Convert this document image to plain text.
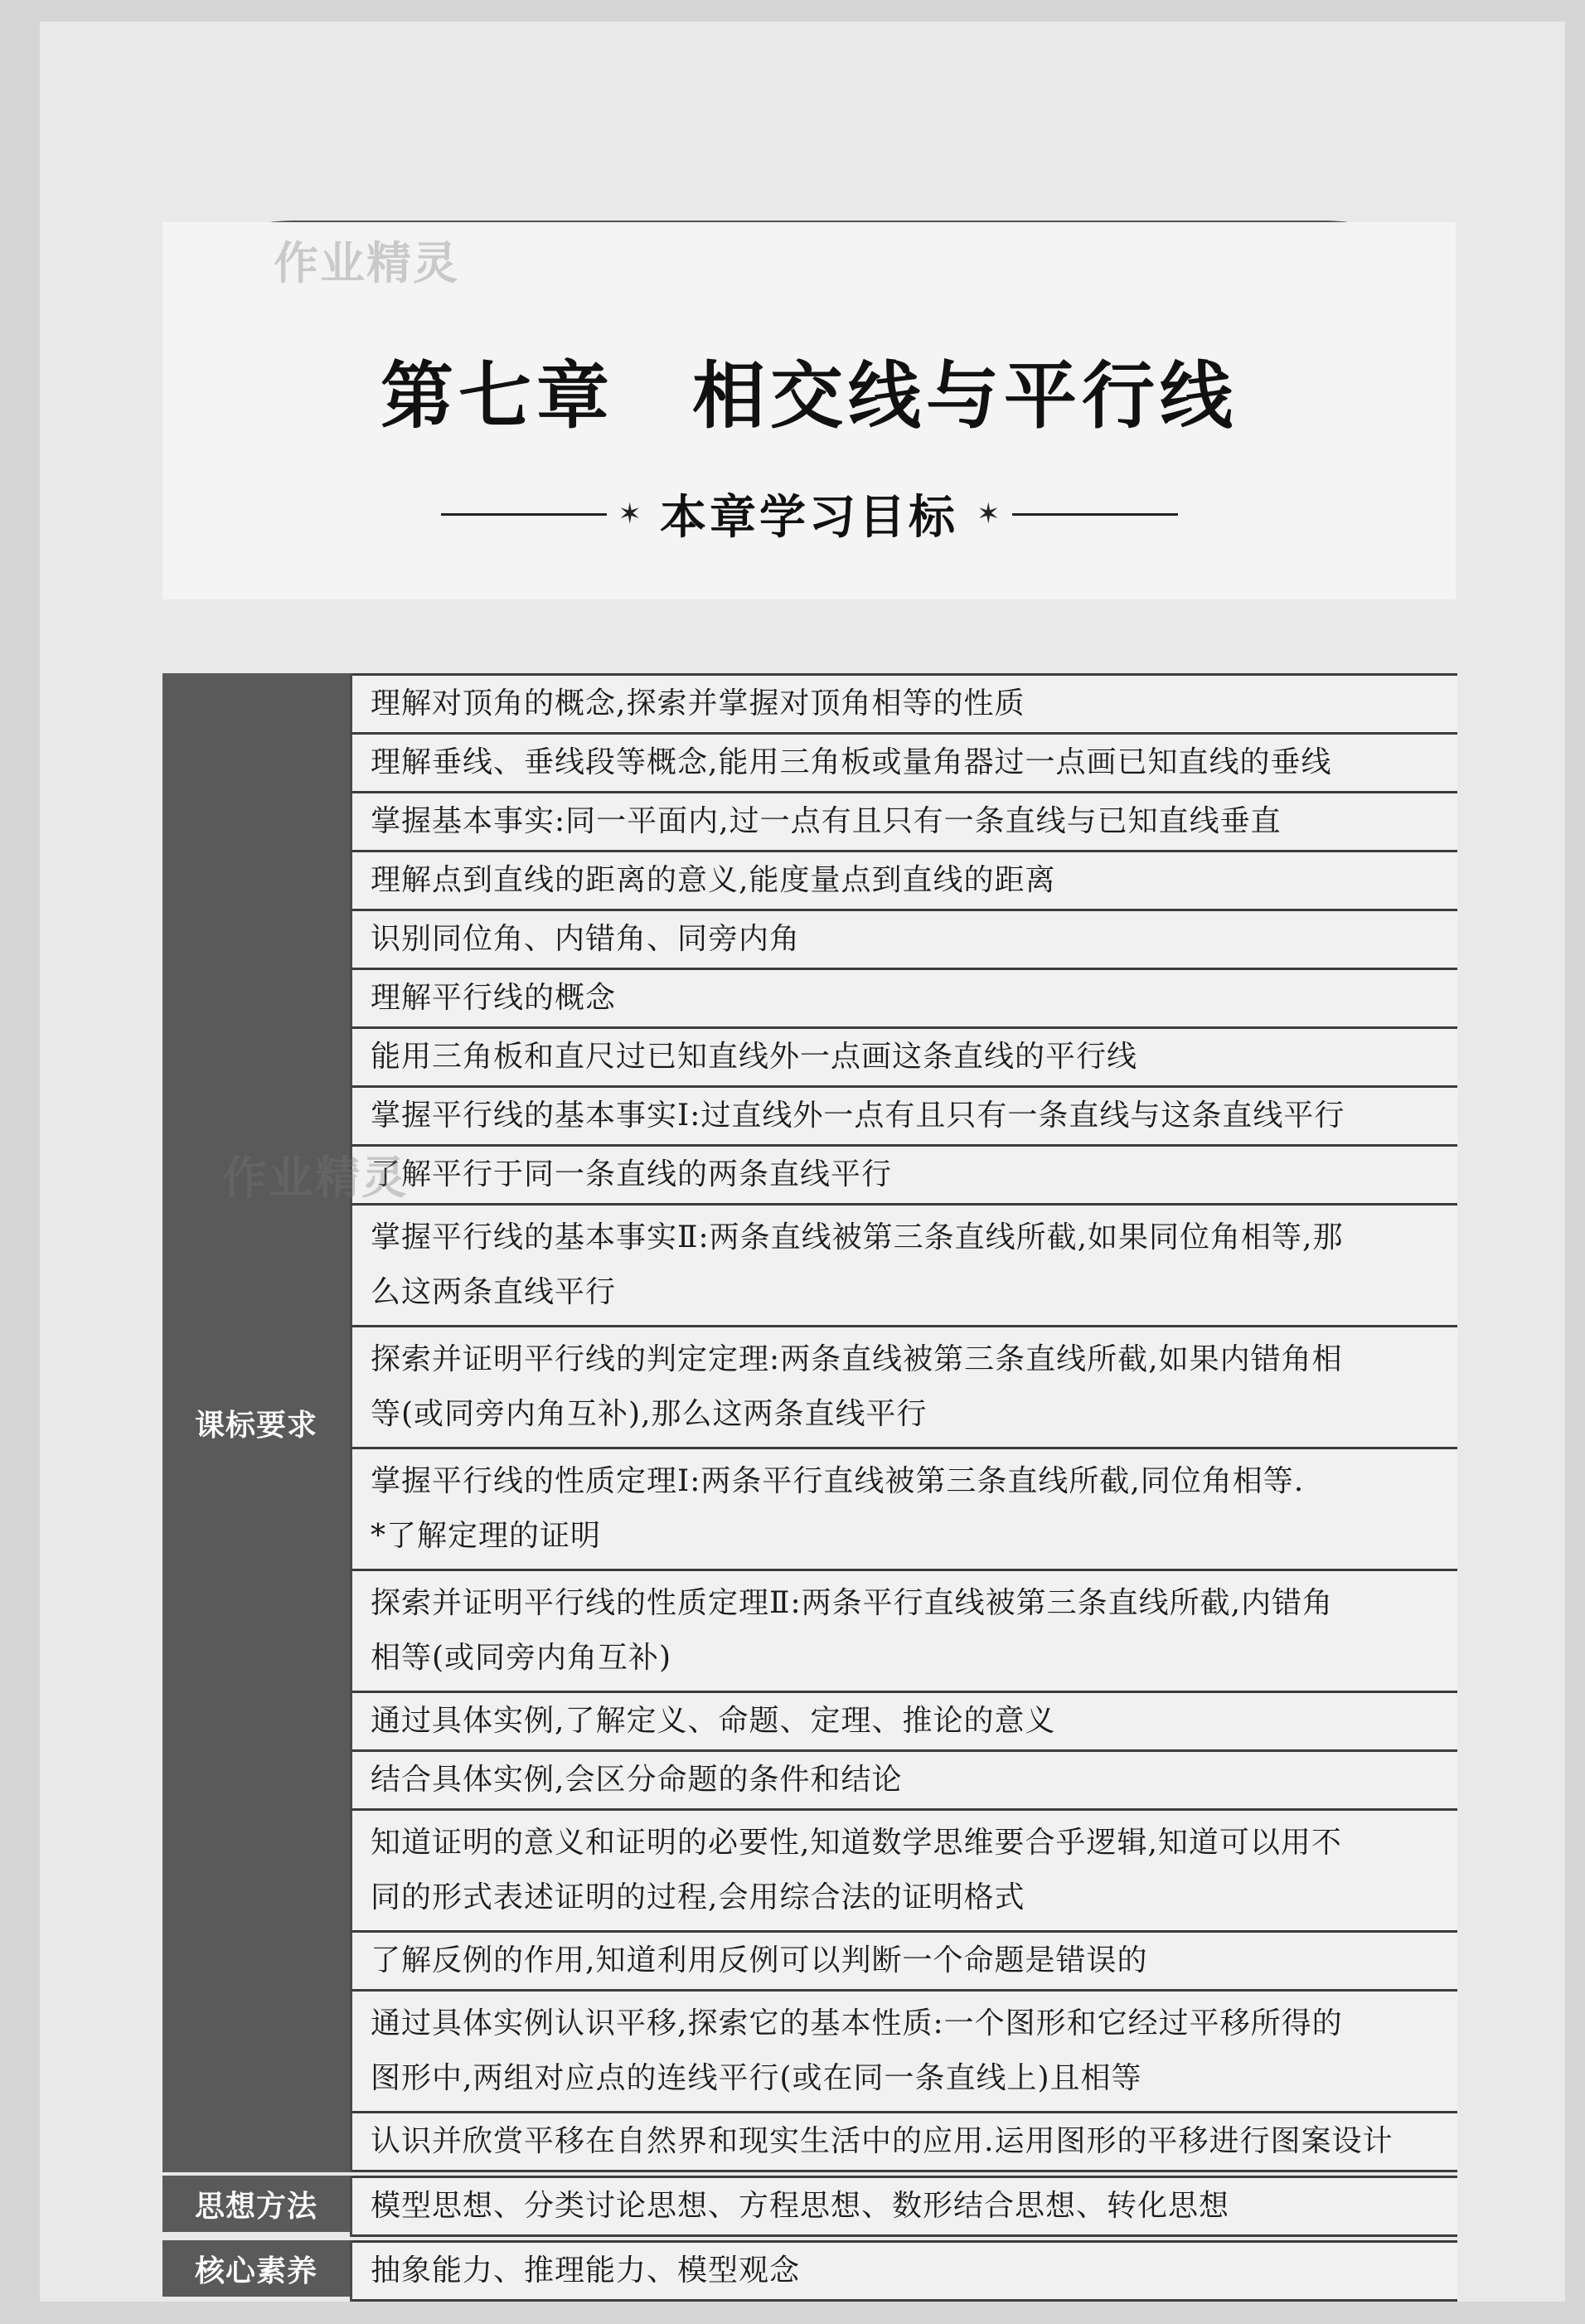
作业精灵
第七章　相交线与平行线
✶ 本章学习目标 ✶
课标要求
理解对顶角的概念,探索并掌握对顶角相等的性质
理解垂线、垂线段等概念,能用三角板或量角器过一点画已知直线的垂线
掌握基本事实:同一平面内,过一点有且只有一条直线与已知直线垂直
理解点到直线的距离的意义,能度量点到直线的距离
识别同位角、内错角、同旁内角
理解平行线的概念
能用三角板和直尺过已知直线外一点画这条直线的平行线
掌握平行线的基本事实Ⅰ:过直线外一点有且只有一条直线与这条直线平行
了解平行于同一条直线的两条直线平行
掌握平行线的基本事实Ⅱ:两条直线被第三条直线所截,如果同位角相等,那
么这两条直线平行
探索并证明平行线的判定定理:两条直线被第三条直线所截,如果内错角相
等(或同旁内角互补),那么这两条直线平行
掌握平行线的性质定理Ⅰ:两条平行直线被第三条直线所截,同位角相等.
*了解定理的证明
探索并证明平行线的性质定理Ⅱ:两条平行直线被第三条直线所截,内错角
相等(或同旁内角互补)
通过具体实例,了解定义、命题、定理、推论的意义
结合具体实例,会区分命题的条件和结论
知道证明的意义和证明的必要性,知道数学思维要合乎逻辑,知道可以用不
同的形式表述证明的过程,会用综合法的证明格式
了解反例的作用,知道利用反例可以判断一个命题是错误的
通过具体实例认识平移,探索它的基本性质:一个图形和它经过平移所得的
图形中,两组对应点的连线平行(或在同一条直线上)且相等
认识并欣赏平移在自然界和现实生活中的应用.运用图形的平移进行图案设计
思想方法	模型思想、分类讨论思想、方程思想、数形结合思想、转化思想
核心素养	抽象能力、推理能力、模型观念
作业精灵
